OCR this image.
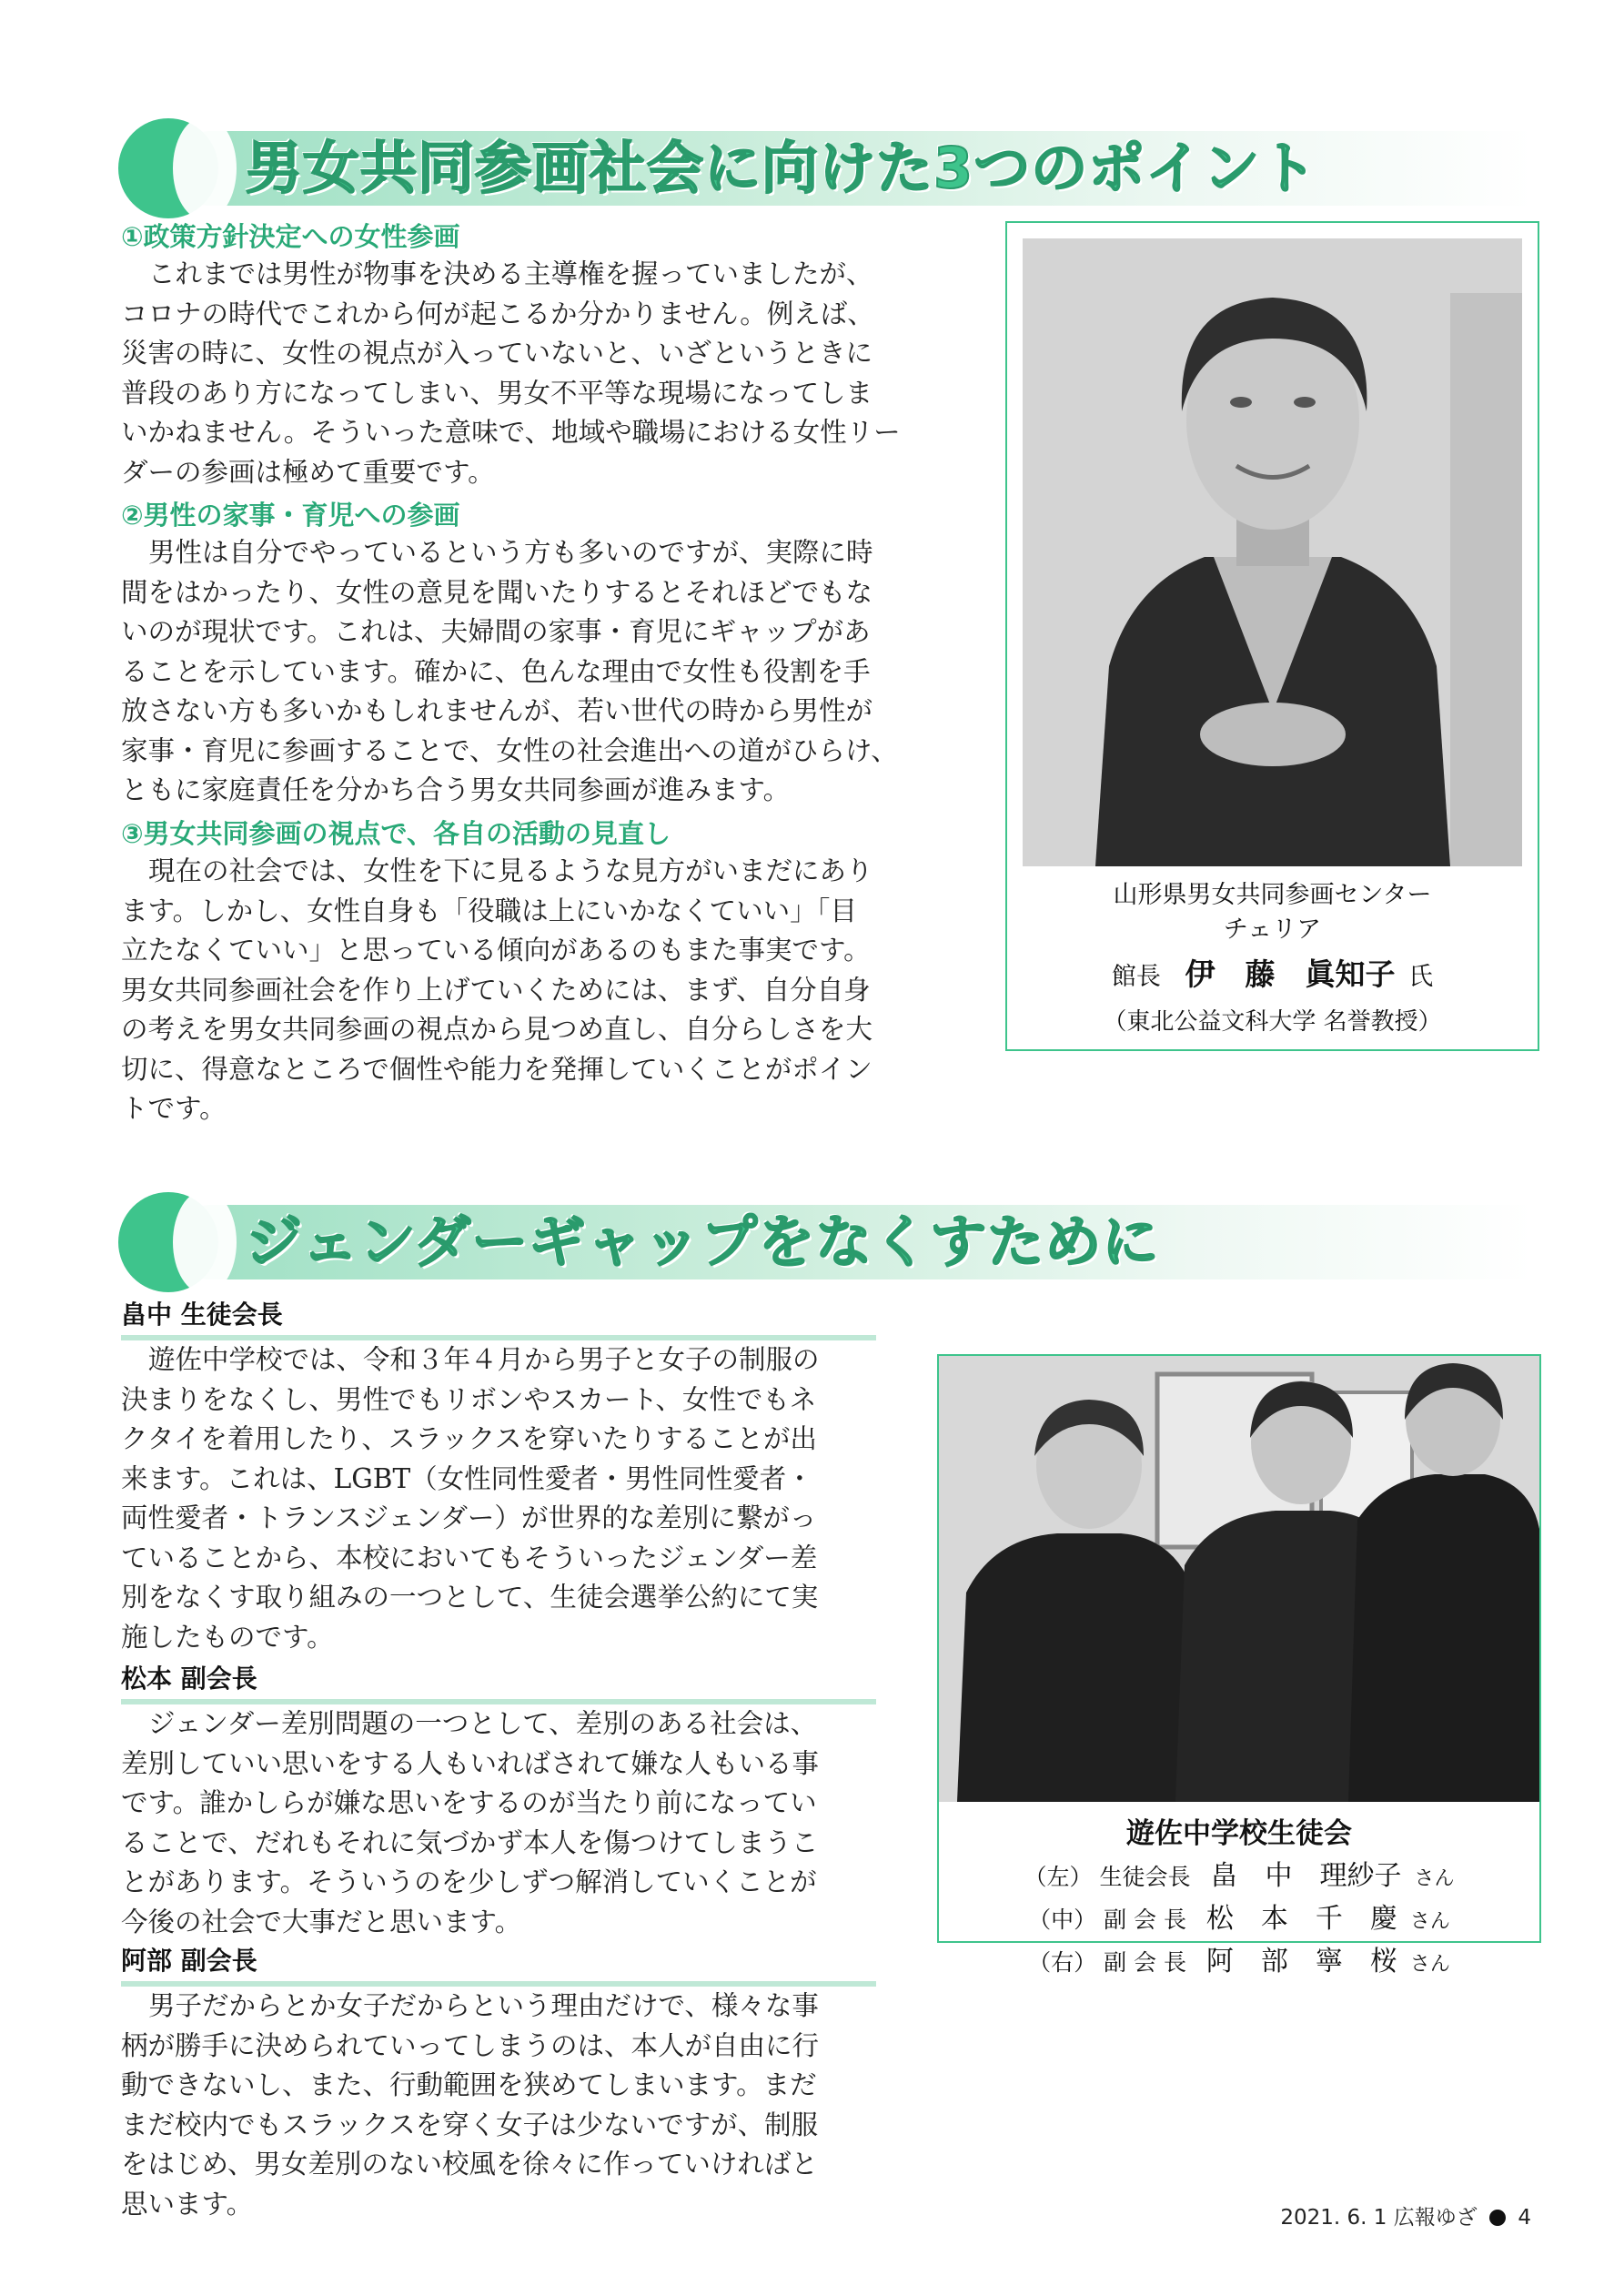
男女共同参画社会に向けた3つのポイント
①政策方針決定への女性参画
これまでは男性が物事を決める主導権を握っていましたが、
コロナの時代でこれから何が起こるか分かりません。例えば、
災害の時に、女性の視点が入っていないと、いざというときに
普段のあり方になってしまい、男女不平等な現場になってしま
いかねません。そういった意味で、地域や職場における女性リー
ダーの参画は極めて重要です。
②男性の家事・育児への参画
男性は自分でやっているという方も多いのですが、実際に時
間をはかったり、女性の意見を聞いたりするとそれほどでもな
いのが現状です。これは、夫婦間の家事・育児にギャップがあ
ることを示しています。確かに、色んな理由で女性も役割を手
放さない方も多いかもしれませんが、若い世代の時から男性が
家事・育児に参画することで、女性の社会進出への道がひらけ、
ともに家庭責任を分かち合う男女共同参画が進みます。
③男女共同参画の視点で、各自の活動の見直し
現在の社会では、女性を下に見るような見方がいまだにあり
ます。しかし、女性自身も「役職は上にいかなくていい」「目
立たなくていい」と思っている傾向があるのもまた事実です。
男女共同参画社会を作り上げていくためには、まず、自分自身
の考えを男女共同参画の視点から見つめ直し、自分らしさを大
切に、得意なところで個性や能力を発揮していくことがポイン
トです。
山形県男女共同参画センター
チェリア
館長 伊　藤　眞知子 氏
（東北公益文科大学 名誉教授）
ジェンダーギャップをなくすために
畠中 生徒会長
遊佐中学校では、令和３年４月から男子と女子の制服の
決まりをなくし、男性でもリボンやスカート、女性でもネ
クタイを着用したり、スラックスを穿いたりすることが出
来ます。これは、LGBT（女性同性愛者・男性同性愛者・
両性愛者・トランスジェンダー）が世界的な差別に繋がっ
ていることから、本校においてもそういったジェンダー差
別をなくす取り組みの一つとして、生徒会選挙公約にて実
施したものです。
松本 副会長
ジェンダー差別問題の一つとして、差別のある社会は、
差別していい思いをする人もいればされて嫌な人もいる事
です。誰かしらが嫌な思いをするのが当たり前になってい
ることで、だれもそれに気づかず本人を傷つけてしまうこ
とがあります。そういうのを少しずつ解消していくことが
今後の社会で大事だと思います。
阿部 副会長
男子だからとか女子だからという理由だけで、様々な事
柄が勝手に決められていってしまうのは、本人が自由に行
動できないし、また、行動範囲を狭めてしまいます。まだ
まだ校内でもスラックスを穿く女子は少ないですが、制服
をはじめ、男女差別のない校風を徐々に作っていければと
思います。
遊佐中学校生徒会
（左） 生徒会長 畠　中　理紗子 さん
（中） 副 会 長 松　本　千　慶 さん
（右） 副 会 長 阿　部　寧　桜 さん
2021. 6. 1 広報ゆざ 4
